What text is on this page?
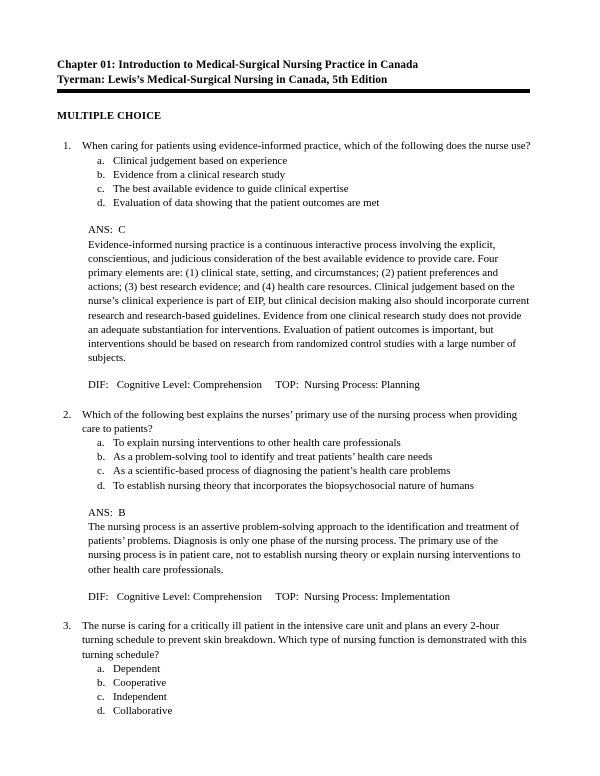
Chapter 01: Introduction to Medical-Surgical Nursing Practice in Canada
Tyerman: Lewis’s Medical-Surgical Nursing in Canada, 5th Edition
MULTIPLE CHOICE
1. When caring for patients using evidence-informed practice, which of the following does the nurse use?
a. Clinical judgement based on experience
b. Evidence from a clinical research study
c. The best available evidence to guide clinical expertise
d. Evaluation of data showing that the patient outcomes are met
ANS: C
Evidence-informed nursing practice is a continuous interactive process involving the explicit, conscientious, and judicious consideration of the best available evidence to provide care. Four primary elements are: (1) clinical state, setting, and circumstances; (2) patient preferences and actions; (3) best research evidence; and (4) health care resources. Clinical judgement based on the nurse’s clinical experience is part of EIP, but clinical decision making also should incorporate current research and research-based guidelines. Evidence from one clinical research study does not provide an adequate substantiation for interventions. Evaluation of patient outcomes is important, but interventions should be based on research from randomized control studies with a large number of subjects.
DIF: Cognitive Level: Comprehension TOP: Nursing Process: Planning
2. Which of the following best explains the nurses’ primary use of the nursing process when providing care to patients?
a. To explain nursing interventions to other health care professionals
b. As a problem-solving tool to identify and treat patients’ health care needs
c. As a scientific-based process of diagnosing the patient’s health care problems
d. To establish nursing theory that incorporates the biopsychosocial nature of humans
ANS: B
The nursing process is an assertive problem-solving approach to the identification and treatment of patients’ problems. Diagnosis is only one phase of the nursing process. The primary use of the nursing process is in patient care, not to establish nursing theory or explain nursing interventions to other health care professionals.
DIF: Cognitive Level: Comprehension TOP: Nursing Process: Implementation
3. The nurse is caring for a critically ill patient in the intensive care unit and plans an every 2-hour turning schedule to prevent skin breakdown. Which type of nursing function is demonstrated with this turning schedule?
a. Dependent
b. Cooperative
c. Independent
d. Collaborative
